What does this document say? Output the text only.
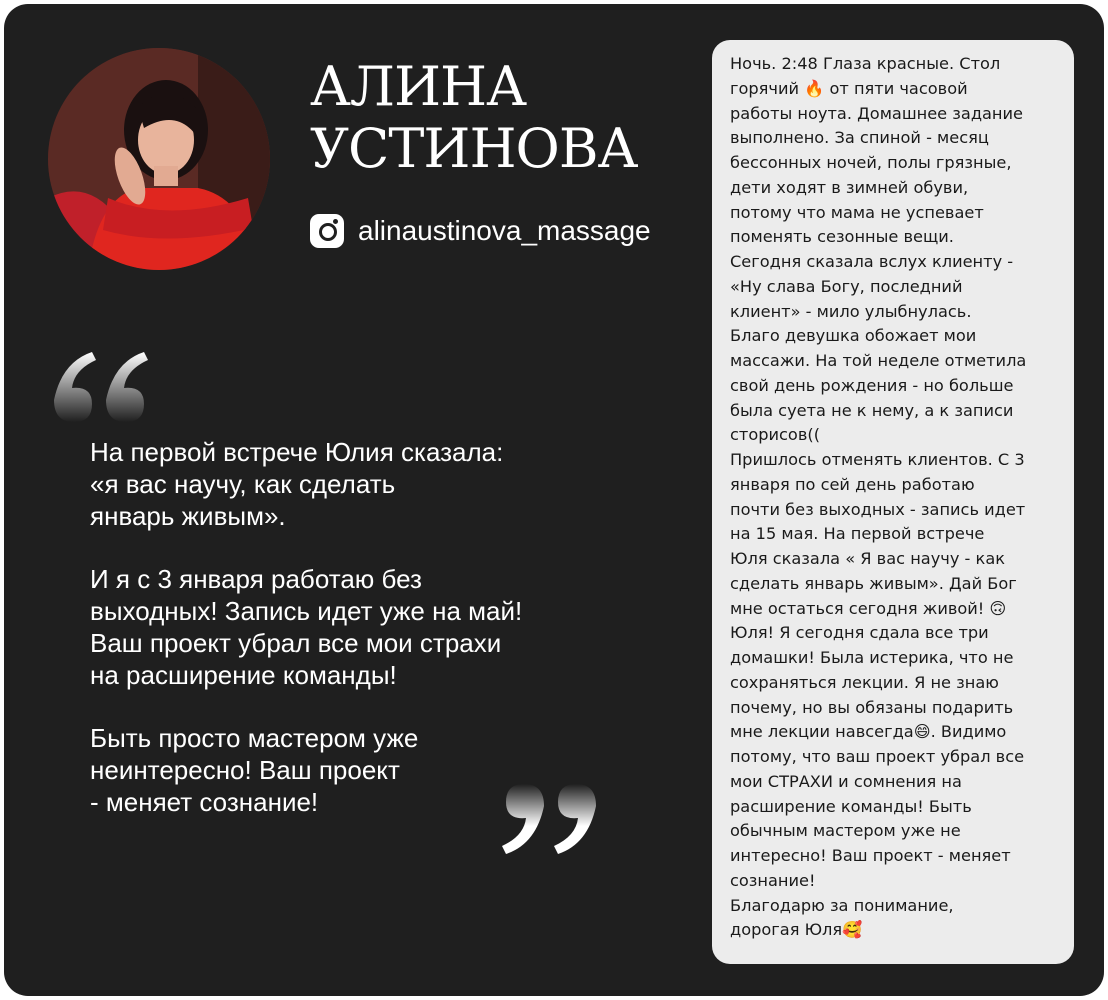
АЛИНА
УСТИНОВА
alinaustinova_massage

На первой встрече Юлия сказала:
«я вас научу, как сделать
январь живым».

И я с 3 января работаю без
выходных! Запись идет уже на май!
Ваш проект убрал все мои страхи
на расширение команды!

Быть просто мастером уже
неинтересно! Ваш проект
- меняет сознание!

Ночь. 2:48 Глаза красные. Стол
горячий 🔥 от пяти часовой
работы ноута. Домашнее задание
выполнено. За спиной - месяц
бессонных ночей, полы грязные,
дети ходят в зимней обуви,
потому что мама не успевает
поменять сезонные вещи.
Сегодня сказала вслух клиенту -
«Ну слава Богу, последний
клиент» - мило улыбнулась.
Благо девушка обожает мои
массажи. На той неделе отметила
свой день рождения - но больше
была суета не к нему, а к записи
сторисов((
Пришлось отменять клиентов. С 3
января по сей день работаю
почти без выходных - запись идет
на 15 мая. На первой встрече
Юля сказала « Я вас научу - как
сделать январь живым». Дай Бог
мне остаться сегодня живой! 🙃
Юля! Я сегодня сдала все три
домашки! Была истерика, что не
сохраняться лекции. Я не знаю
почему, но вы обязаны подарить
мне лекции навсегда😄. Видимо
потому, что ваш проект убрал все
мои СТРАХИ и сомнения на
расширение команды! Быть
обычным мастером уже не
интересно! Ваш проект - меняет
сознание!
Благодарю за понимание,
дорогая Юля🥰
